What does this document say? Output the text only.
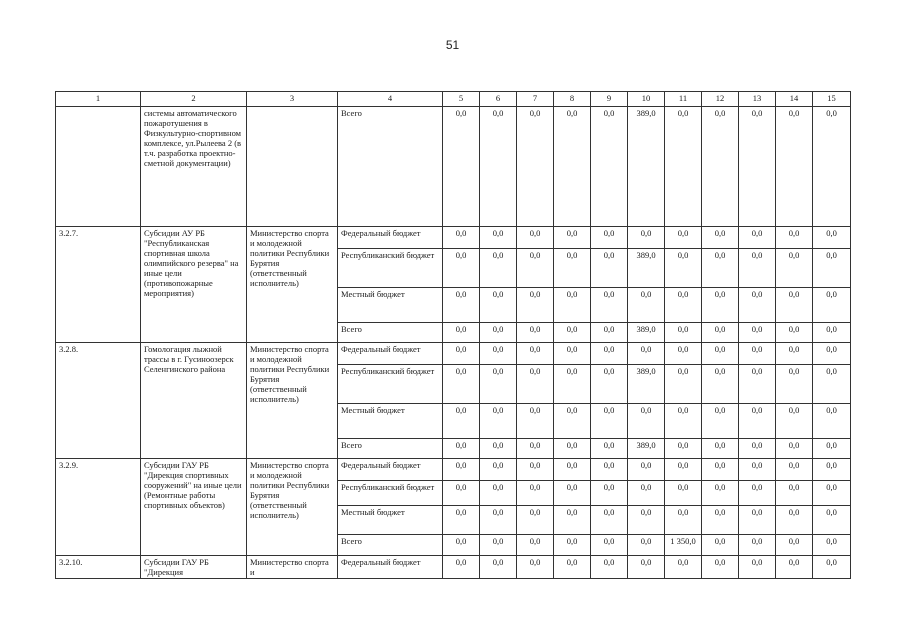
51
1	2	3	4	5	6	7	8	9	10	11	12	13	14	15
	системы автоматического пожаротушения в Физкультурно-спортивном комплексе, ул.Рылеева 2 (в т.ч. разработка проектно-сметной документации)		Всего	0,0	0,0	0,0	0,0	0,0	389,0	0,0	0,0	0,0	0,0	0,0
3.2.7.	Субсидии АУ РБ "Республиканская спортивная школа олимпийского резерва" на иные цели (противопожарные мероприятия)	Министерство спорта и молодежной политики Республики Бурятия (ответственный исполнитель)	Федеральный бюджет	0,0	0,0	0,0	0,0	0,0	0,0	0,0	0,0	0,0	0,0	0,0
			Республиканский бюджет	0,0	0,0	0,0	0,0	0,0	389,0	0,0	0,0	0,0	0,0	0,0
			Местный бюджет	0,0	0,0	0,0	0,0	0,0	0,0	0,0	0,0	0,0	0,0	0,0
			Всего	0,0	0,0	0,0	0,0	0,0	389,0	0,0	0,0	0,0	0,0	0,0
3.2.8.	Гомологация лыжной трассы в г. Гусиноозерск Селенгинского района	Министерство спорта и молодежной политики Республики Бурятия (ответственный исполнитель)	Федеральный бюджет	0,0	0,0	0,0	0,0	0,0	0,0	0,0	0,0	0,0	0,0	0,0
			Республиканский бюджет	0,0	0,0	0,0	0,0	0,0	389,0	0,0	0,0	0,0	0,0	0,0
			Местный бюджет	0,0	0,0	0,0	0,0	0,0	0,0	0,0	0,0	0,0	0,0	0,0
			Всего	0,0	0,0	0,0	0,0	0,0	389,0	0,0	0,0	0,0	0,0	0,0
3.2.9.	Субсидии ГАУ РБ "Дирекция спортивных сооружений" на иные цели (Ремонтные работы спортивных объектов)	Министерство спорта и молодежной политики Республики Бурятия (ответственный исполнитель)	Федеральный бюджет	0,0	0,0	0,0	0,0	0,0	0,0	0,0	0,0	0,0	0,0	0,0
			Республиканский бюджет	0,0	0,0	0,0	0,0	0,0	0,0	0,0	0,0	0,0	0,0	0,0
			Местный бюджет	0,0	0,0	0,0	0,0	0,0	0,0	0,0	0,0	0,0	0,0	0,0
			Всего	0,0	0,0	0,0	0,0	0,0	0,0	1 350,0	0,0	0,0	0,0	0,0
3.2.10.	Субсидии ГАУ РБ "Дирекция	Министерство спорта и	Федеральный бюджет	0,0	0,0	0,0	0,0	0,0	0,0	0,0	0,0	0,0	0,0	0,0
